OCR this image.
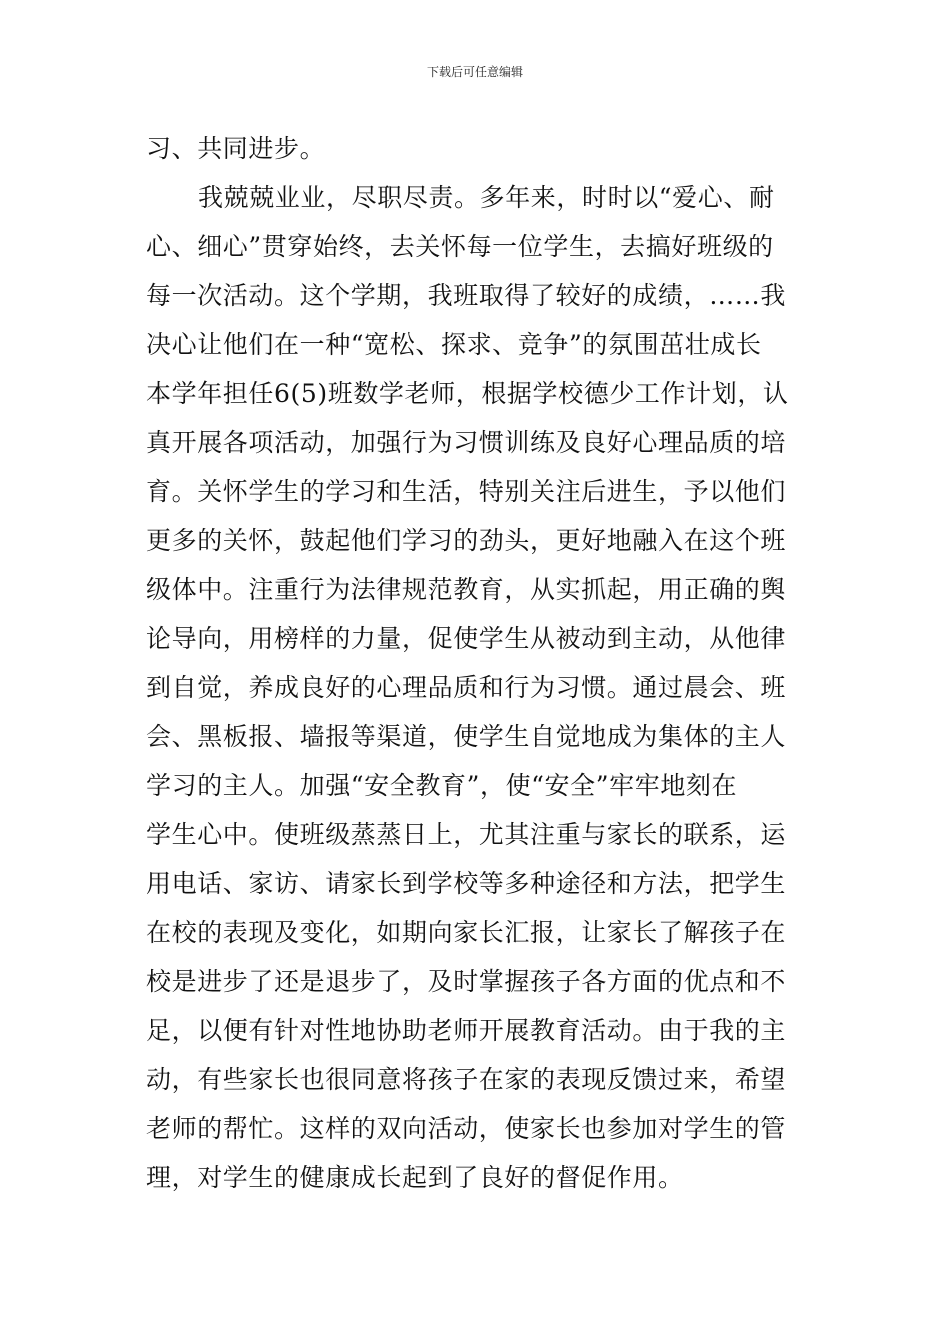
下载后可任意编辑
习、共同进步。
我兢兢业业，尽职尽责。多年来，时时以“爱心、耐
心、细心”贯穿始终，去关怀每一位学生，去搞好班级的
每一次活动。这个学期，我班取得了较好的成绩，……我
决心让他们在一种“宽松、探求、竞争”的氛围茁壮成长
本学年担任6(5)班数学老师，根据学校德少工作计划，认
真开展各项活动，加强行为习惯训练及良好心理品质的培
育。关怀学生的学习和生活，特别关注后进生，予以他们
更多的关怀，鼓起他们学习的劲头，更好地融入在这个班
级体中。注重行为法律规范教育，从实抓起，用正确的舆
论导向，用榜样的力量，促使学生从被动到主动，从他律
到自觉，养成良好的心理品质和行为习惯。通过晨会、班
会、黑板报、墙报等渠道，使学生自觉地成为集体的主人
学习的主人。加强“安全教育”，使“安全”牢牢地刻在
学生心中。使班级蒸蒸日上，尤其注重与家长的联系，运
用电话、家访、请家长到学校等多种途径和方法，把学生
在校的表现及变化，如期向家长汇报，让家长了解孩子在
校是进步了还是退步了，及时掌握孩子各方面的优点和不
足，以便有针对性地协助老师开展教育活动。由于我的主
动，有些家长也很同意将孩子在家的表现反馈过来，希望
老师的帮忙。这样的双向活动，使家长也参加对学生的管
理，对学生的健康成长起到了良好的督促作用。
